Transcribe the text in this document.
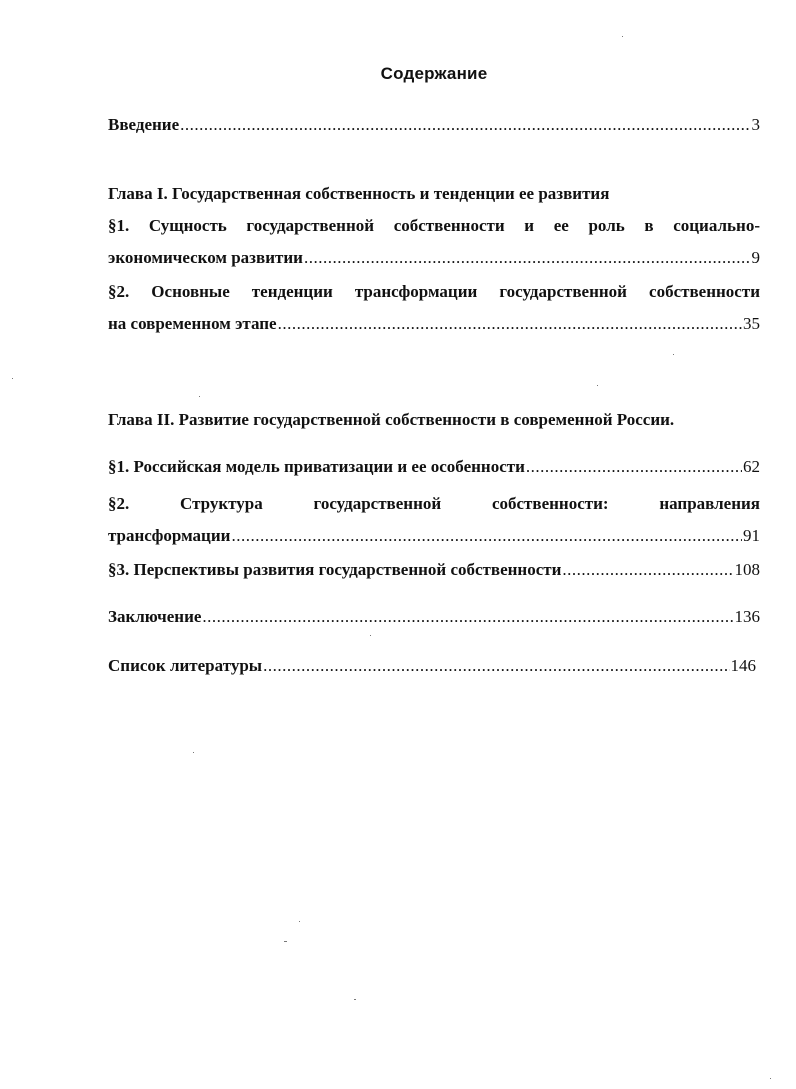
Содержание
Введение .....	3
Глава I. Государственная собственность и тенденции ее развития
§1. Сущность государственной собственности и ее роль в социально-
экономическом развитии .....	9
§2. Основные тенденции трансформации государственной собственности
на современном этапе .....	35
Глава II. Развитие государственной собственности в современной России.
§1. Российская модель приватизации и ее особенности .....	62
§2. Структура государственной собственности: направления
трансформации .....	91
§3. Перспективы развития государственной собственности .....	108
Заключение .....	136
Список литературы .....	146
